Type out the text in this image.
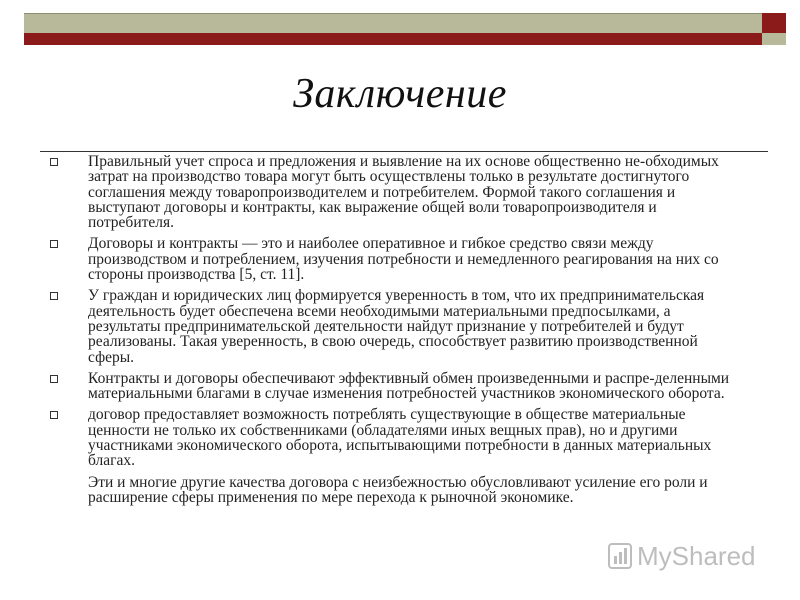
Заключение
Правильный учет спроса и предложения и выявление на их основе общественно не-обходимых затрат на производство товара могут быть осуществлены только в результате достигнутого соглашения между товаропроизводителем и потребителем. Формой такого соглашения и выступают договоры и контракты, как выражение общей воли товаропроизводителя и потребителя.
Договоры и контракты — это и наиболее оперативное и гибкое средство связи между производством и потреблением, изучения потребности и немедленного реагирования на них со стороны производства [5, ст. 11].
У граждан и юридических лиц формируется уверенность в том, что их предпринимательская деятельность будет обеспечена всеми необходимыми материальными предпосылками, а результаты предпринимательской деятельности найдут признание у потребителей и будут реализованы. Такая уверенность, в свою очередь, способствует развитию производственной сферы.
Контракты и договоры обеспечивают эффективный обмен произведенными и распре-деленными материальными благами в случае изменения потребностей участников экономического оборота.
договор предоставляет возможность потреблять существующие в обществе материальные ценности не только их собственниками (обладателями иных вещных прав), но и другими участниками экономического оборота, испытывающими потребности в данных материальных благах.
Эти и многие другие качества договора с неизбежностью обусловливают усиление его роли и расширение сферы применения по мере перехода к рыночной экономике.
MyShared
